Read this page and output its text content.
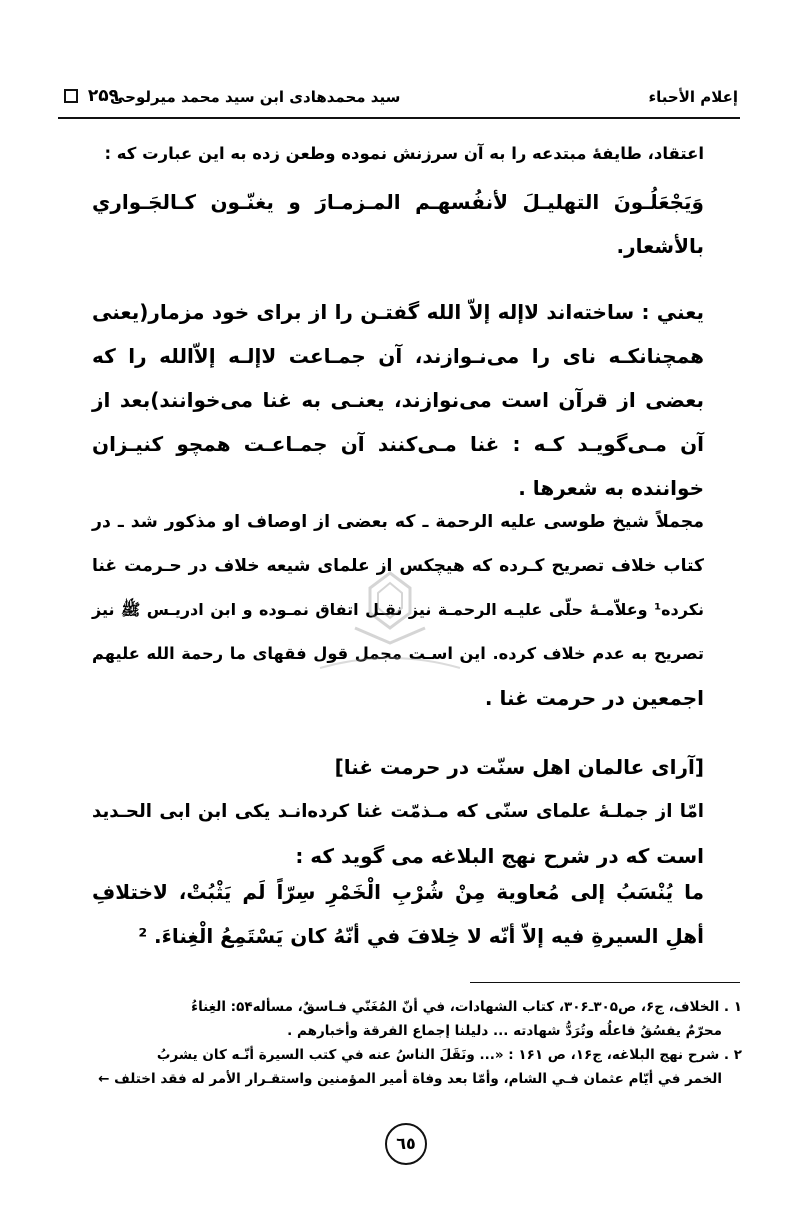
إعلام الأحباء
سید محمدهادی ابن سید محمد میرلوحی
۲۵۹
اعتقاد، طایفۀ مبتدعه را به آن سرزنش نموده وطعن زده به این عبارت که :
وَيَجْعَلُـونَ التهليـلَ لأنفُسهـم المـزمـارَ و يغنّـون كـالجَـواري
بالأشعار.
یعني : ساخته‌اند لاإله إلاّ الله گفتـن را از برای خود مزمار(یعنی
همچنانکـه نای را می‌نـوازند، آن جمـاعت لاإلـه إلاّالله را که
بعضی از قرآن است می‌نوازند، یعنـی به غنا می‌خوانند)بعد از
آن مـی‌گویـد کـه : غنا مـی‌کنند آن جمـاعـت همچو کنیـزان
خواننده به شعرها .
مجملاً شیخ طوسی علیه الرحمة ـ که بعضی از اوصاف او مذکور شد ـ در
کتاب خلاف تصریح کـرده که هیچکس از علمای شیعه خلاف در حـرمت غنا
نکرده¹ وعلاّمـۀ حلّی علیـه الرحمـة نیز نقـل اتفاق نمـوده و ابن ادریـس ﷺ نیز
تصریح به عدم خلاف کرده. این اسـت مجمل قول فقهای ما رحمة الله علیهم
اجمعین در حرمت غنا .
[آرای عالمان اهل سنّت در حرمت غنا]
امّا از جملـۀ علمای سنّی که مـذمّت غنا کرده‌انـد یکی ابن ابی الحـدید
است که در شرح نهج البلاغه می گوید که :
ما يُنْسَبُ إلى مُعاوية مِنْ شُرْبِ الْخَمْرِ سِرّاً لَم يَثْبُتْ، لاختلافِ
أهلِ السيرةِ فيه إلاّ أنّه لا خِلافَ في أنّهُ كان يَسْتَمِعُ الْغِناءَ. ²
١ . الخلاف، ج۶، ص۳۰۵ـ۳۰۶، كتاب الشهادات، في أنّ المُغَنّي فـاسقٌ، مسأله۵۴: الغِناءُ
محرّمٌ يفسُقُ فاعلُه وتُرَدُّ شهادته ... دليلنا إجماع الفرقة وأخبارهم .
٢ . شرح نهج البلاغه، ج۱۶، ص ۱۶۱ : «... ونَقَلَ الناسُ عنه في كتب السيرة أنّـه كان يشربُ
الخمر في أيّام عثمان فـي الشام، وأمّا بعد وفاة أمير المؤمنين واستقـرار الأمر له فقد اختلف ←
٦٥
